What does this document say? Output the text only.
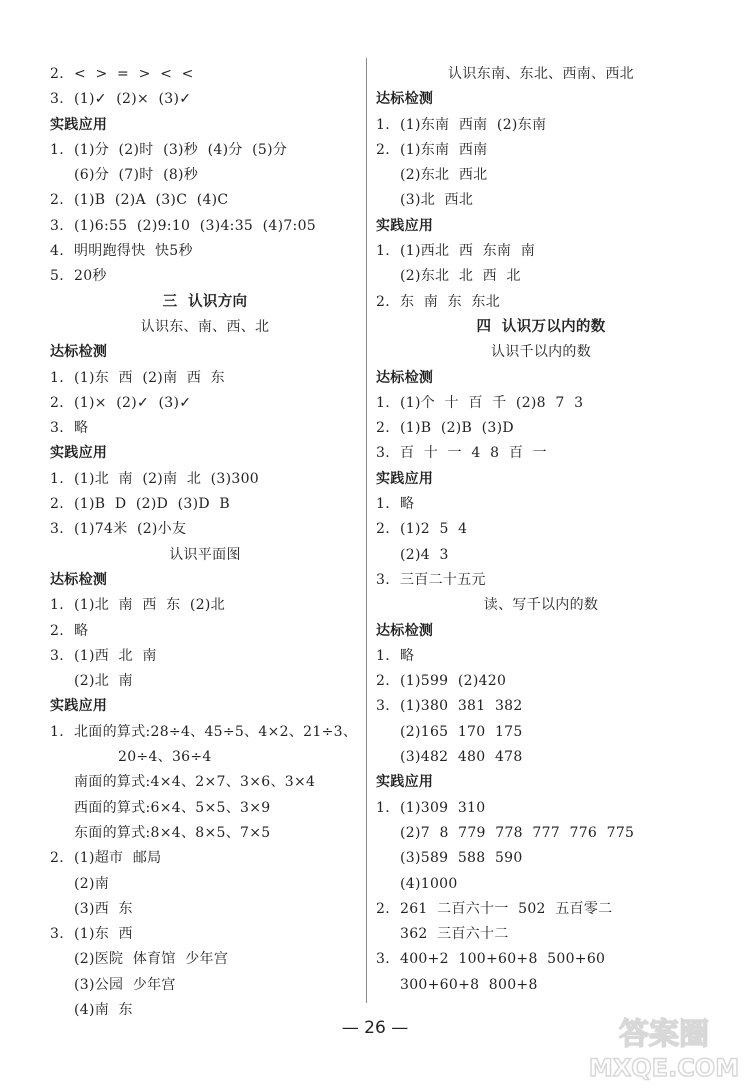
2. <  >  =  >  <  <
3. (1)✓  (2)×  (3)✓
实践应用
1. (1)分  (2)时  (3)秒  (4)分  (5)分
(6)分  (7)时  (8)秒
2. (1)B  (2)A  (3)C  (4)C
3. (1)6:55  (2)9:10  (3)4:35  (4)7:05
4. 明明跑得快  快5秒
5. 20秒
三  认识方向
认识东、南、西、北
达标检测
1. (1)东  西  (2)南  西  东
2. (1)×  (2)✓  (3)✓
3. 略
实践应用
1. (1)北  南  (2)南  北  (3)300
2. (1)B  D  (2)D  (3)D  B
3. (1)74米  (2)小友
认识平面图
达标检测
1. (1)北  南  西  东  (2)北
2. 略
3. (1)西  北  南
(2)北  南
实践应用
1. 北面的算式:28÷4、45÷5、4×2、21÷3、
20÷4、36÷4
南面的算式:4×4、2×7、3×6、3×4
西面的算式:6×4、5×5、3×9
东面的算式:8×4、8×5、7×5
2. (1)超市  邮局
(2)南
(3)西  东
3. (1)东  西
(2)医院  体育馆  少年宫
(3)公园  少年宫
(4)南  东
认识东南、东北、西南、西北
达标检测
1. (1)东南  西南  (2)东南
2. (1)东南  西南
(2)东北  西北
(3)北  西北
实践应用
1. (1)西北  西  东南  南
(2)东北  北  西  北
2. 东  南  东  东北
四  认识万以内的数
认识千以内的数
达标检测
1. (1)个  十  百  千  (2)8  7  3
2. (1)B  (2)B  (3)D
3. 百  十  一  4  8  百  一
实践应用
1. 略
2. (1)2  5  4
(2)4  3
3. 三百二十五元
读、写千以内的数
达标检测
1. 略
2. (1)599  (2)420
3. (1)380  381  382
(2)165  170  175
(3)482  480  478
实践应用
1. (1)309  310
(2)7  8  779  778  777  776  775
(3)589  588  590
(4)1000
2. 261  二百六十一  502  五百零二
362  三百六十二
3. 400+2  100+60+8  500+60
300+60+8  800+8
— 26 —	答案圈
MXQE.COM
